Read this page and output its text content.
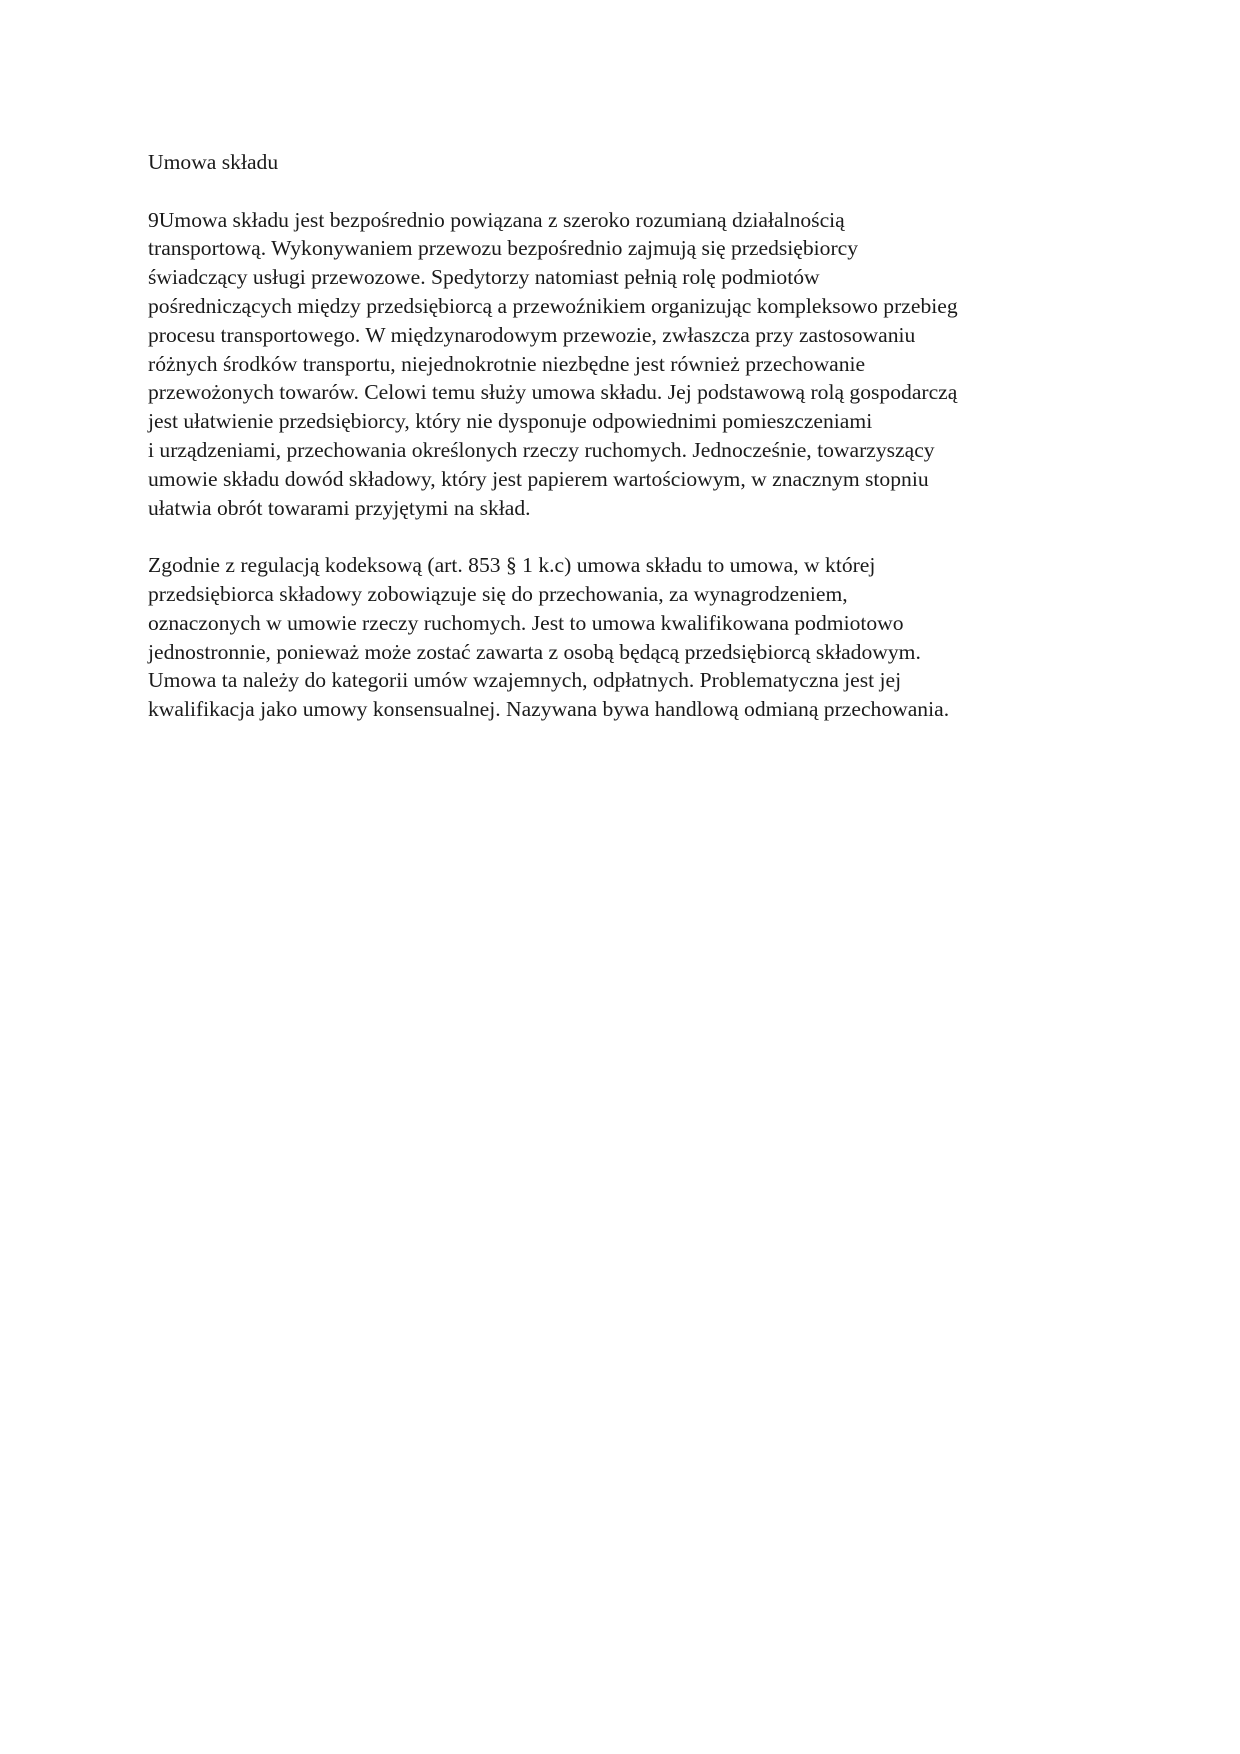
Umowa składu

9Umowa składu jest bezpośrednio powiązana z szeroko rozumianą działalnością
transportową. Wykonywaniem przewozu bezpośrednio zajmują się przedsiębiorcy
świadczący usługi przewozowe. Spedytorzy natomiast pełnią rolę podmiotów
pośredniczących między przedsiębiorcą a przewoźnikiem organizując kompleksowo przebieg
procesu transportowego. W międzynarodowym przewozie, zwłaszcza przy zastosowaniu
różnych środków transportu, niejednokrotnie niezbędne jest również przechowanie
przewożonych towarów. Celowi temu służy umowa składu. Jej podstawową rolą gospodarczą
jest ułatwienie przedsiębiorcy, który nie dysponuje odpowiednimi pomieszczeniami
i urządzeniami, przechowania określonych rzeczy ruchomych. Jednocześnie, towarzyszący
umowie składu dowód składowy, który jest papierem wartościowym, w znacznym stopniu
ułatwia obrót towarami przyjętymi na skład.

Zgodnie z regulacją kodeksową (art. 853 § 1 k.c) umowa składu to umowa, w której
przedsiębiorca składowy zobowiązuje się do przechowania, za wynagrodzeniem,
oznaczonych w umowie rzeczy ruchomych. Jest to umowa kwalifikowana podmiotowo
jednostronnie, ponieważ może zostać zawarta z osobą będącą przedsiębiorcą składowym.
Umowa ta należy do kategorii umów wzajemnych, odpłatnych. Problematyczna jest jej
kwalifikacja jako umowy konsensualnej. Nazywana bywa handlową odmianą przechowania.
